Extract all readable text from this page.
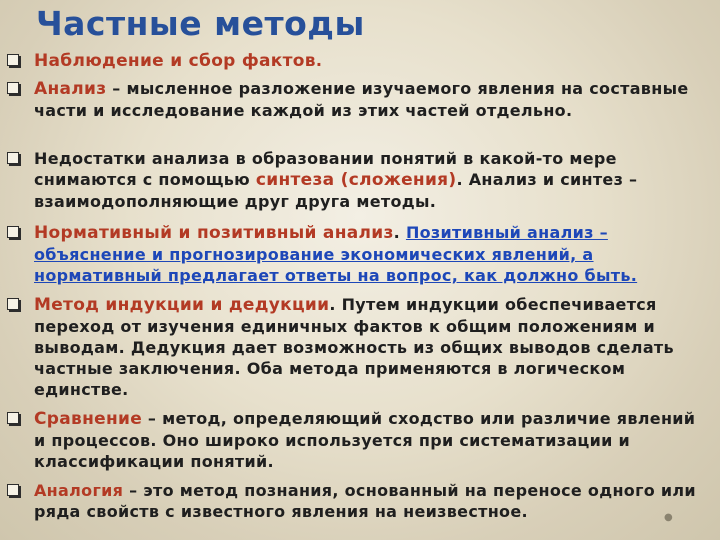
Частные методы

Наблюдение и сбор фактов.

Анализ – мысленное разложение изучаемого явления на составные части и исследование каждой из этих частей отдельно.

Недостатки анализа в образовании понятий в какой-то мере снимаются с помощью синтеза (сложения). Анализ и синтез – взаимодополняющие друг друга методы.

Нормативный и позитивный анализ. Позитивный анализ – объяснение и прогнозирование экономических явлений, а нормативный предлагает ответы на вопрос, как должно быть.

Метод индукции и дедукции. Путем индукции обеспечивается переход от изучения единичных фактов к общим положениям и выводам. Дедукция дает возможность из общих выводов сделать частные заключения. Оба метода применяются в логическом единстве.

Сравнение – метод, определяющий сходство или различие явлений и процессов. Оно широко используется при систематизации и классификации понятий.

Аналогия – это метод познания, основанный на переносе одного или ряда свойств с известного явления на неизвестное.	●
